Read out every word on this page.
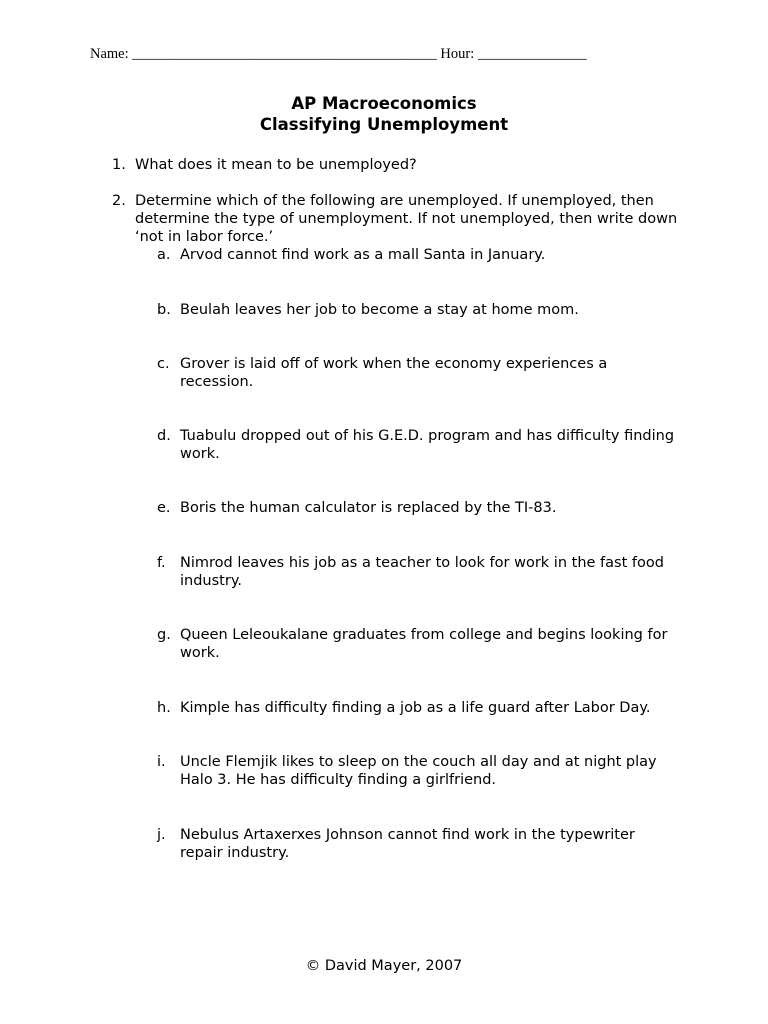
Name: __________________________________________ Hour: _______________
AP Macroeconomics
Classifying Unemployment
1. What does it mean to be unemployed?
2. Determine which of the following are unemployed. If unemployed, then determine the type of unemployment. If not unemployed, then write down ‘not in labor force.’
a. Arvod cannot find work as a mall Santa in January.
b. Beulah leaves her job to become a stay at home mom.
c. Grover is laid off of work when the economy experiences a recession.
d. Tuabulu dropped out of his G.E.D. program and has difficulty finding work.
e. Boris the human calculator is replaced by the TI-83.
f. Nimrod leaves his job as a teacher to look for work in the fast food industry.
g. Queen Leleoukalane graduates from college and begins looking for work.
h. Kimple has difficulty finding a job as a life guard after Labor Day.
i. Uncle Flemjik likes to sleep on the couch all day and at night play Halo 3. He has difficulty finding a girlfriend.
j. Nebulus Artaxerxes Johnson cannot find work in the typewriter repair industry.
© David Mayer, 2007
